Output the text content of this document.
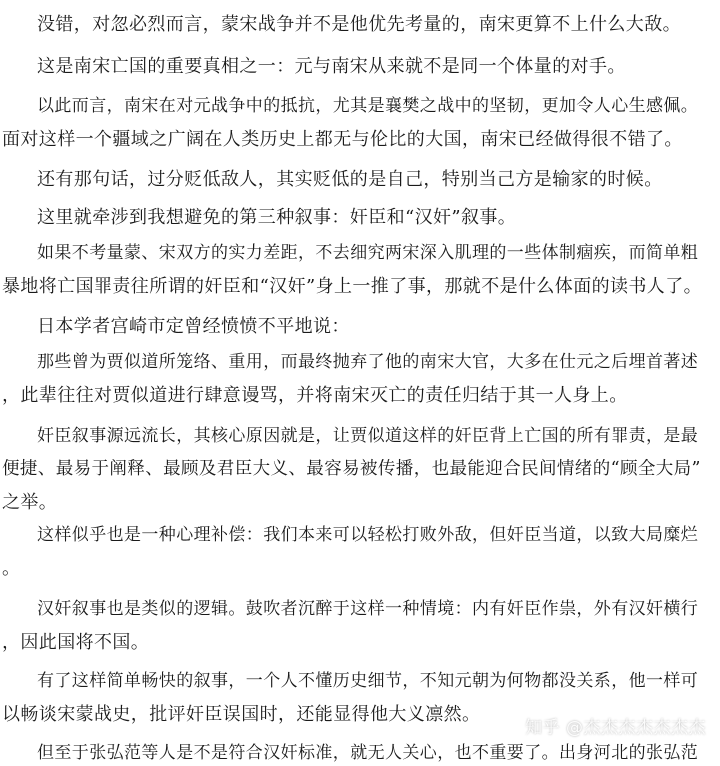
没错，对忽必烈而言，蒙宋战争并不是他优先考量的，南宋更算不上什么大敌。
这是南宋亡国的重要真相之一：元与南宋从来就不是同一个体量的对手。
以此而言，南宋在对元战争中的抵抗，尤其是襄樊之战中的坚韧，更加令人心生感佩。
面对这样一个疆域之广阔在人类历史上都无与伦比的大国，南宋已经做得很不错了。
还有那句话，过分贬低敌人，其实贬低的是自己，特别当己方是输家的时候。
这里就牵涉到我想避免的第三种叙事：奸臣和“汉奸”叙事。
如果不考量蒙、宋双方的实力差距，不去细究两宋深入肌理的一些体制痼疾，而简单粗
暴地将亡国罪责往所谓的奸臣和“汉奸”身上一推了事，那就不是什么体面的读书人了。
日本学者宫崎市定曾经愤愤不平地说：
那些曾为贾似道所笼络、重用，而最终抛弃了他的南宋大官，大多在仕元之后埋首著述
，此辈往往对贾似道进行肆意谩骂，并将南宋灭亡的责任归结于其一人身上。
奸臣叙事源远流长，其核心原因就是，让贾似道这样的奸臣背上亡国的所有罪责，是最
便捷、最易于阐释、最顾及君臣大义、最容易被传播，也最能迎合民间情绪的“顾全大局”
之举。
这样似乎也是一种心理补偿：我们本来可以轻松打败外敌，但奸臣当道，以致大局糜烂
。
汉奸叙事也是类似的逻辑。鼓吹者沉醉于这样一种情境：内有奸臣作祟，外有汉奸横行
，因此国将不国。
有了这样简单畅快的叙事，一个人不懂历史细节，不知元朝为何物都没关系，他一样可
以畅谈宋蒙战史，批评奸臣误国时，还能显得他大义凛然。
但至于张弘范等人是不是符合汉奸标准，就无人关心，也不重要了。出身河北的张弘范
知乎 @杰杰杰杰杰杰杰
